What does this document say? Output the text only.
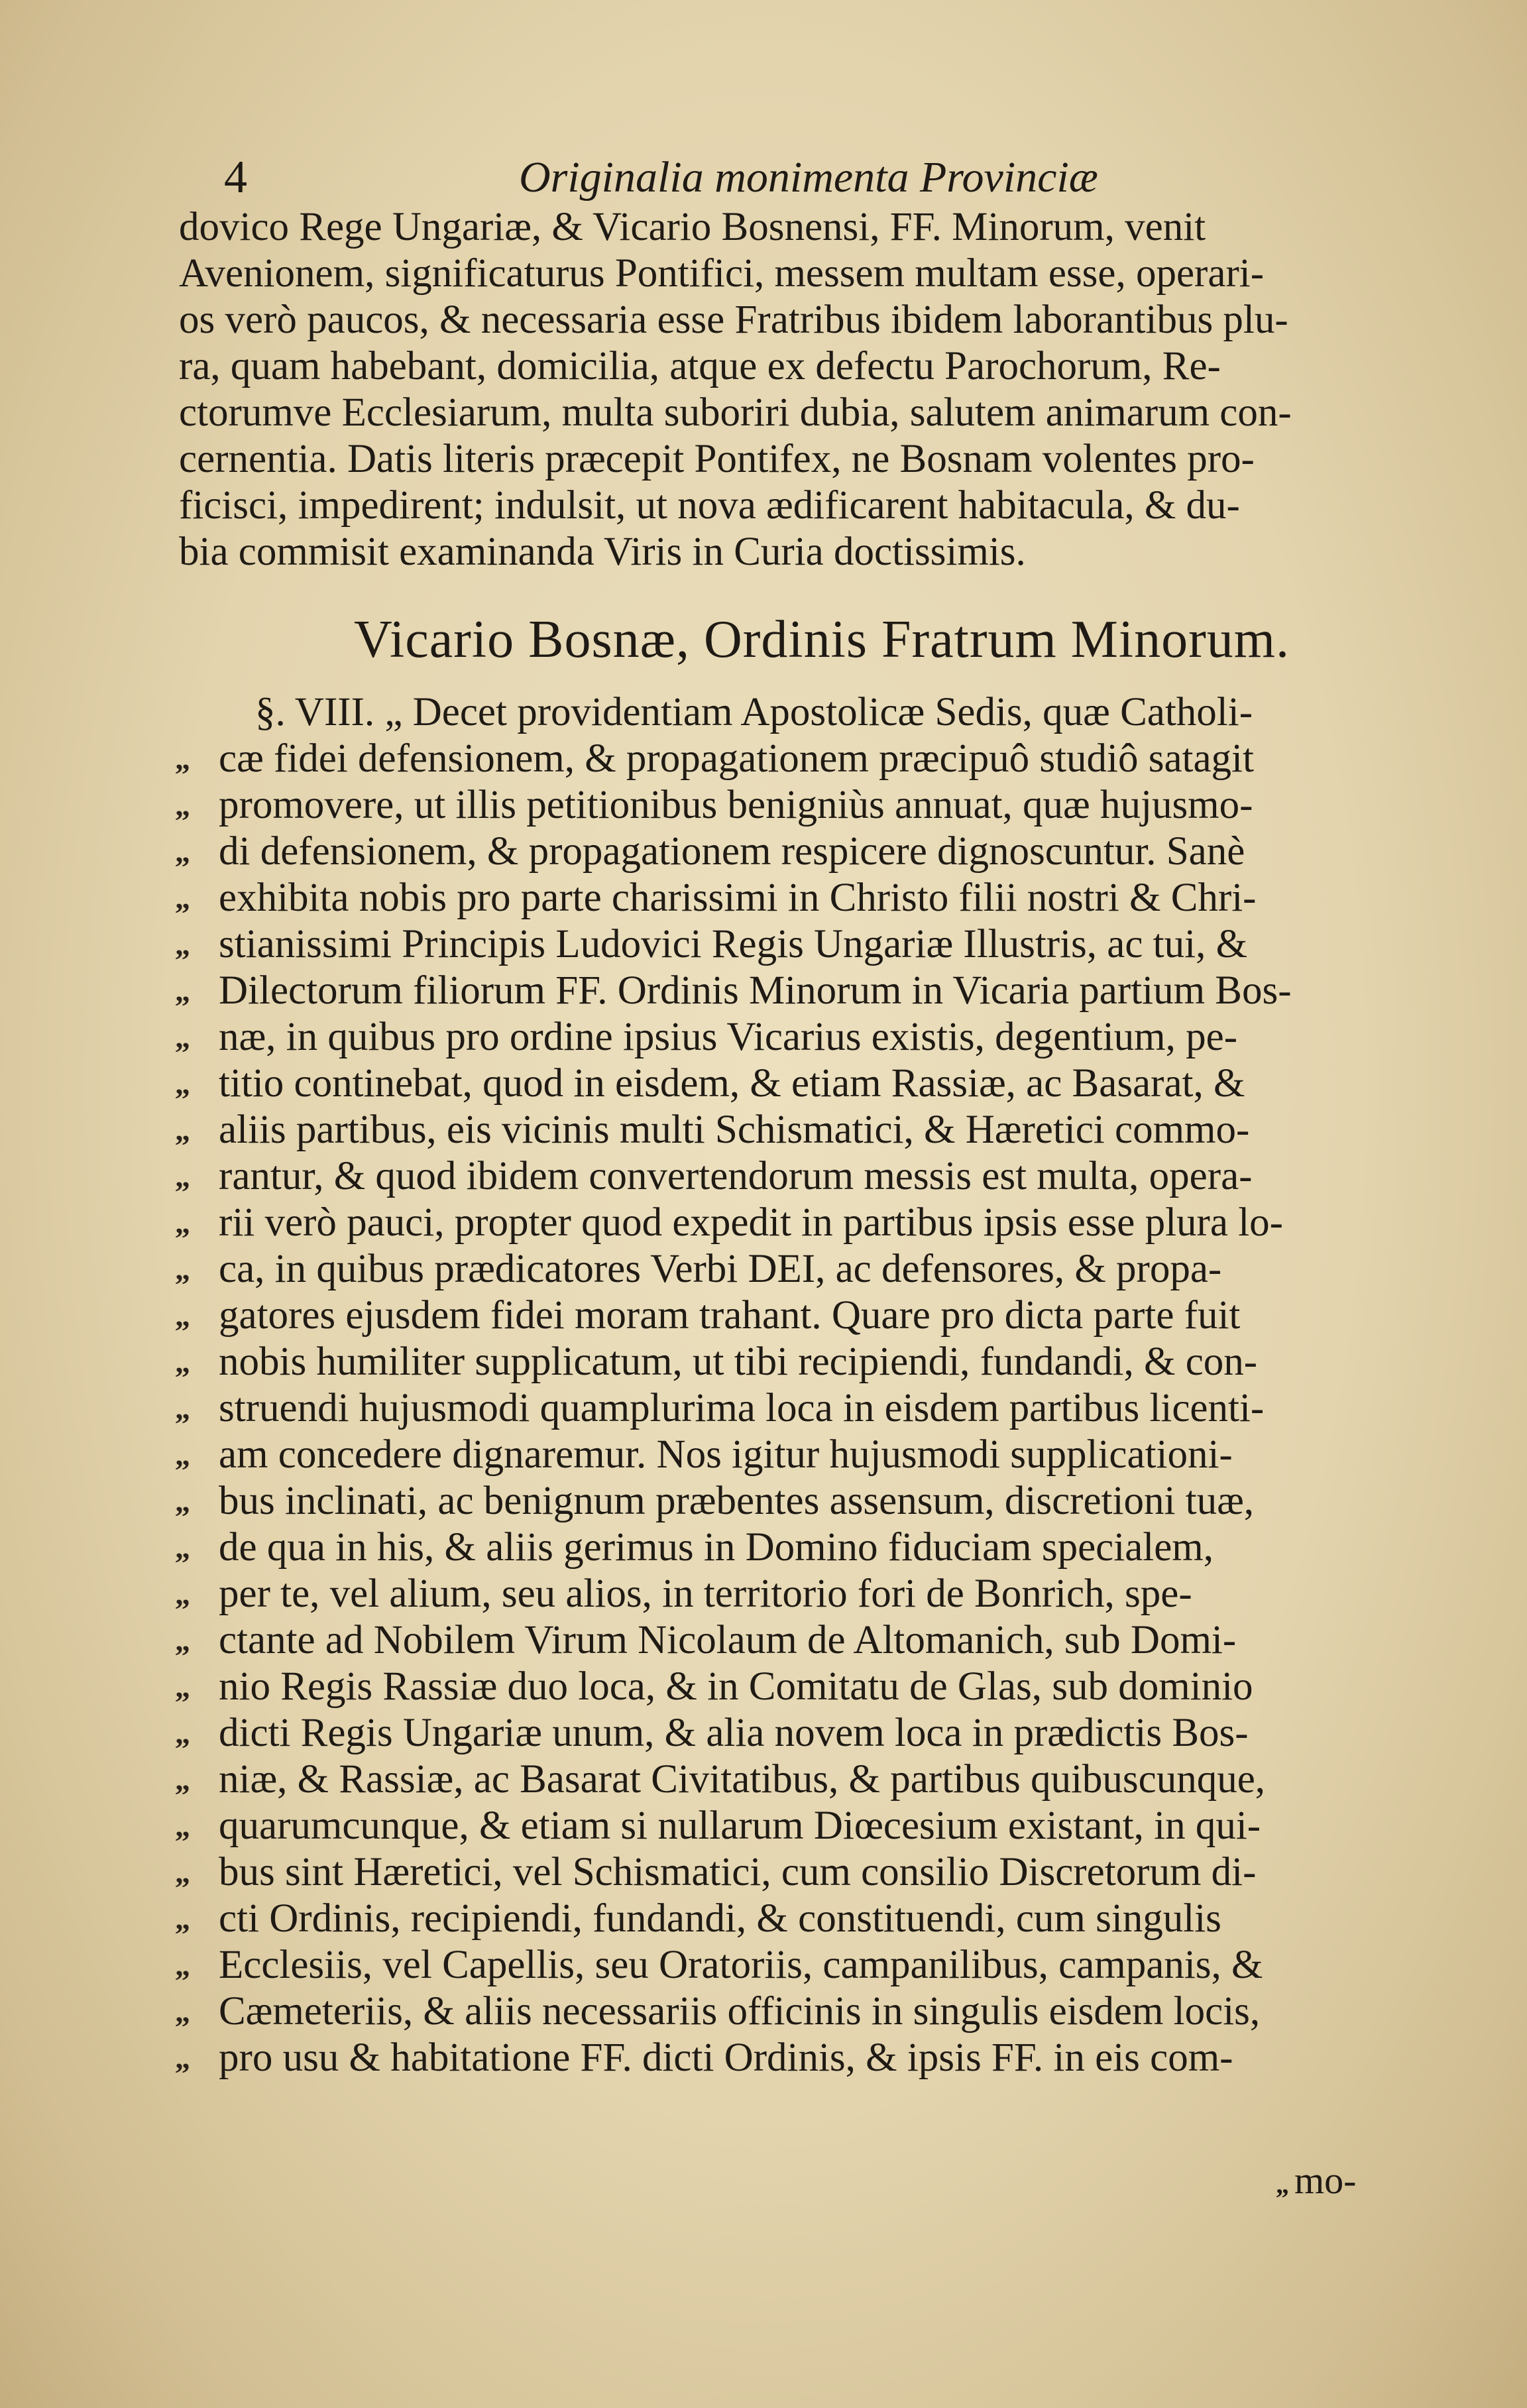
4	Originalia monimenta Provinciæ
dovico Rege Ungariæ, & Vicario Bosnensi, FF. Minorum, venit
Avenionem, significaturus Pontifici, messem multam esse, operari-
os verò paucos, & necessaria esse Fratribus ibidem laborantibus plu-
ra, quam habebant, domicilia, atque ex defectu Parochorum, Re-
ctorumve Ecclesiarum, multa suboriri dubia, salutem animarum con-
cernentia. Datis literis præcepit Pontifex, ne Bosnam volentes pro-
ficisci, impedirent; indulsit, ut nova ædificarent habitacula, & du-
bia commisit examinanda Viris in Curia doctissimis.
Vicario Bosnæ, Ordinis Fratrum Minorum.
§. VIII. „ Decet providentiam Apostolicæ Sedis, quæ Catholi-
„ cæ fidei defensionem, & propagationem præcipuô studiô satagit
„ promovere, ut illis petitionibus benigniùs annuat, quæ hujusmo-
„ di defensionem, & propagationem respicere dignoscuntur. Sanè
„ exhibita nobis pro parte charissimi in Christo filii nostri & Chri-
„ stianissimi Principis Ludovici Regis Ungariæ Illustris, ac tui, &
„ Dilectorum filiorum FF. Ordinis Minorum in Vicaria partium Bos-
„ næ, in quibus pro ordine ipsius Vicarius existis, degentium, pe-
„ titio continebat, quod in eisdem, & etiam Rassiæ, ac Basarat, &
„ aliis partibus, eis vicinis multi Schismatici, & Hæretici commo-
„ rantur, & quod ibidem convertendorum messis est multa, opera-
„ rii verò pauci, propter quod expedit in partibus ipsis esse plura lo-
„ ca, in quibus prædicatores Verbi DEI, ac defensores, & propa-
„ gatores ejusdem fidei moram trahant. Quare pro dicta parte fuit
„ nobis humiliter supplicatum, ut tibi recipiendi, fundandi, & con-
„ struendi hujusmodi quamplurima loca in eisdem partibus licenti-
„ am concedere dignaremur. Nos igitur hujusmodi supplicationi-
„ bus inclinati, ac benignum præbentes assensum, discretioni tuæ,
„ de qua in his, & aliis gerimus in Domino fiduciam specialem,
„ per te, vel alium, seu alios, in territorio fori de Bonrich, spe-
„ ctante ad Nobilem Virum Nicolaum de Altomanich, sub Domi-
„ nio Regis Rassiæ duo loca, & in Comitatu de Glas, sub dominio
„ dicti Regis Ungariæ unum, & alia novem loca in prædictis Bos-
„ niæ, & Rassiæ, ac Basarat Civitatibus, & partibus quibuscunque,
„ quarumcunque, & etiam si nullarum Diœcesium existant, in qui-
„ bus sint Hæretici, vel Schismatici, cum consilio Discretorum di-
„ cti Ordinis, recipiendi, fundandi, & constituendi, cum singulis
„ Ecclesiis, vel Capellis, seu Oratoriis, campanilibus, campanis, &
„ Cæmeteriis, & aliis necessariis officinis in singulis eisdem locis,
„ pro usu & habitatione FF. dicti Ordinis, & ipsis FF. in eis com-
„ mo-
